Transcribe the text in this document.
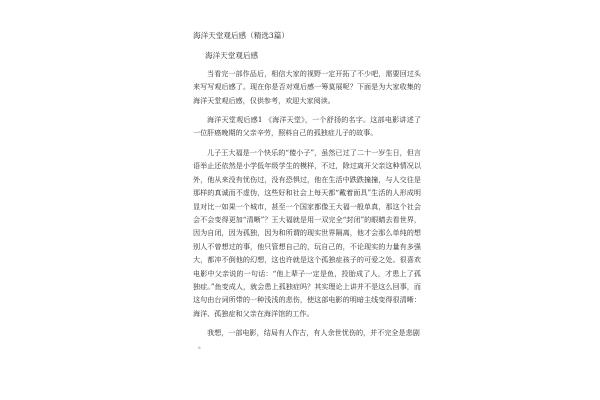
海洋天堂观后感（精选3篇）
海洋天堂观后感

当看完一部作品后，相信大家的视野一定开拓了不少吧，需要回过头来写写观后感了。现在你是否对观后感一筹莫展呢？下面是为大家收集的海洋天堂观后感，仅供参考，欢迎大家阅读。

海洋天堂观后感1 《海洋天堂》，一个舒扬的名字。这部电影讲述了一位肝癌晚期的父亲辛劳，照料自己的孤独症儿子的故事。

儿子王大福是一个快乐的“傻小子”，虽然已过了二十一岁生日，但言语举止还依然是小学低年级学生的模样，不过，除过离开父亲这种情况以外，他从来没有忧伤过，没有恐惧过，他在生活中跌跌撞撞，与人交往是那样的真诚而不虚伪，这些好和社会上每天都“戴着面具”生活的人形成明显对比一如果一个城市，甚至一个国家都像王大福一般单真，那这个社会会不会变得更加“清晰”？王大福就是用一双完全“封闭”的眼睛去看世界，因为自闭，因为孤独，因为和所谓的现实世界隔离，他才会那么单纯的想别人不曾想过的事，他只管想自己的，玩自己的，不论现实的力量有多强大，都冲不倒他的幻想，这也许就是这个孤独症孩子的可爱之处。很喜欢电影中父亲说的一句话：“他上辈子一定是鱼，投胎成了人，才患上了孤独症。”鱼变成人，就会患上孤独症吗？其实理论上讲并不是这么回事，而这句由台词所带的一种浅浅的悲伤，使这部电影的明暗主线变得很清晰：海洋、孤独症和父亲在海洋馆的工作。

我想，一部电影，结局有人作古，有人余世忧伤的，并不完全是悲剧

。
